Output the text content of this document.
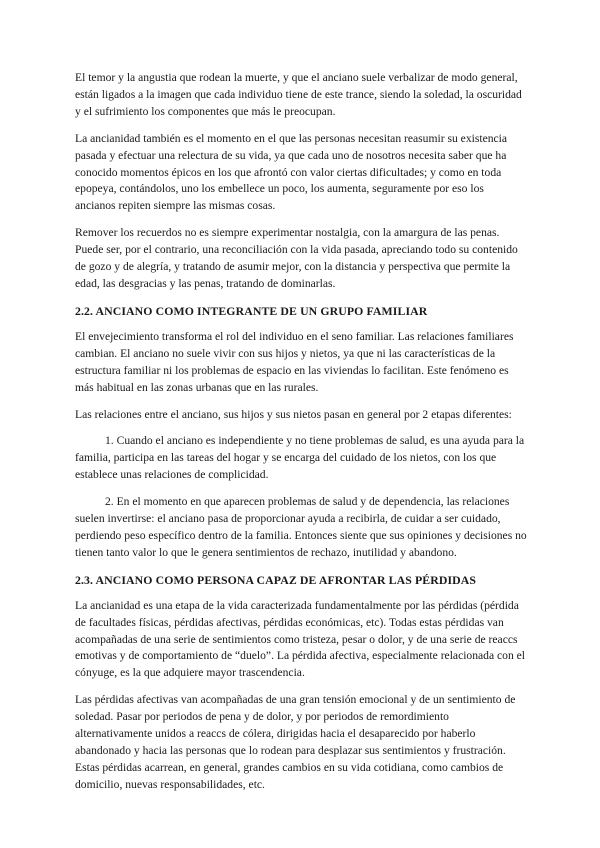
El temor y la angustia que rodean la muerte, y que el anciano suele verbalizar de modo general, están ligados a la imagen que cada individuo tiene de este trance, siendo la soledad, la oscuridad y el sufrimiento los componentes que más le preocupan.

La ancianidad también es el momento en el que las personas necesitan reasumir su existencia pasada y efectuar una relectura de su vida, ya que cada uno de nosotros necesita saber que ha conocido momentos épicos en los que afrontó con valor ciertas dificultades; y como en toda epopeya, contándolos, uno los embellece un poco, los aumenta, seguramente por eso los ancianos repiten siempre las mismas cosas.

Remover los recuerdos no es siempre experimentar nostalgia, con la amargura de las penas. Puede ser, por el contrario, una reconciliación con la vida pasada, apreciando todo su contenido de gozo y de alegría, y tratando de asumir mejor, con la distancia y perspectiva que permite la edad, las desgracias y las penas, tratando de dominarlas.

2.2. ANCIANO COMO INTEGRANTE DE UN GRUPO FAMILIAR

El envejecimiento transforma el rol del individuo en el seno familiar. Las relaciones familiares cambian. El anciano no suele vivir con sus hijos y nietos, ya que ni las características de la estructura familiar ni los problemas de espacio en las viviendas lo facilitan. Este fenómeno es más habitual en las zonas urbanas que en las rurales.

Las relaciones entre el anciano, sus hijos y sus nietos pasan en general por 2 etapas diferentes:

1. Cuando el anciano es independiente y no tiene problemas de salud, es una ayuda para la familia, participa en las tareas del hogar y se encarga del cuidado de los nietos, con los que establece unas relaciones de complicidad.

2. En el momento en que aparecen problemas de salud y de dependencia, las relaciones suelen invertirse: el anciano pasa de proporcionar ayuda a recibirla, de cuidar a ser cuidado, perdiendo peso específico dentro de la familia. Entonces siente que sus opiniones y decisiones no tienen tanto valor lo que le genera sentimientos de rechazo, inutilidad y abandono.

2.3. ANCIANO COMO PERSONA CAPAZ DE AFRONTAR LAS PÉRDIDAS

La ancianidad es una etapa de la vida caracterizada fundamentalmente por las pérdidas (pérdida de facultades físicas, pérdidas afectivas, pérdidas económicas, etc). Todas estas pérdidas van acompañadas de una serie de sentimientos como tristeza, pesar o dolor, y de una serie de reaccs emotivas y de comportamiento de “duelo”. La pérdida afectiva, especialmente relacionada con el cónyuge, es la que adquiere mayor trascendencia.

Las pérdidas afectivas van acompañadas de una gran tensión emocional y de un sentimiento de soledad. Pasar por periodos de pena y de dolor, y por periodos de remordimiento alternativamente unidos a reaccs de cólera, dirigidas hacia el desaparecido por haberlo abandonado y hacia las personas que lo rodean para desplazar sus sentimientos y frustración. Estas pérdidas acarrean, en general, grandes cambios en su vida cotidiana, como cambios de domicilio, nuevas responsabilidades, etc.
